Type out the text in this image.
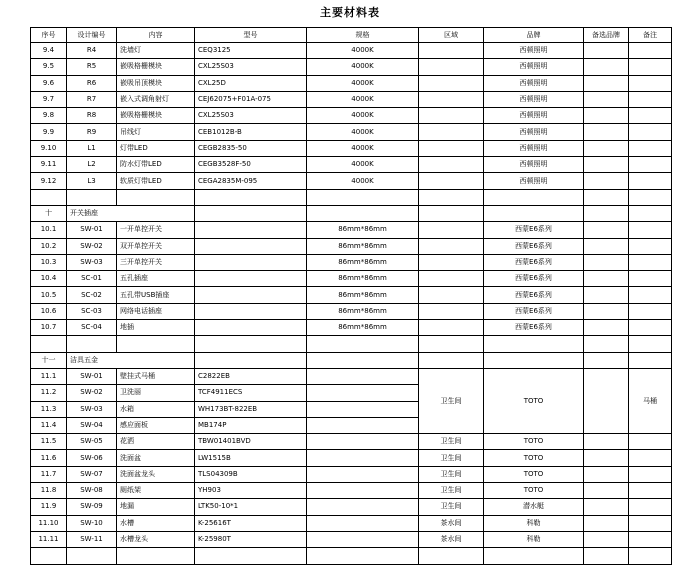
主要材料表
序号	设计编号	内容	型号	规格	区域	品牌	备选品牌	备注
9.4	R4	洗墙灯	CEQ3125	4000K		西顿照明		
9.5	R5	嵌吸格栅模块	CXL25S03	4000K		西顿照明		
9.6	R6	嵌吸吊顶模块	CXL25D	4000K		西顿照明		
9.7	R7	嵌入式调角射灯	CEJ62075+F01A-075	4000K		西顿照明		
9.8	R8	嵌吸格栅模块	CXL25S03	4000K		西顿照明		
9.9	R9	吊线灯	CEB1012B-B	4000K		西顿照明		
9.10	L1	灯带LED	CEGB2835-50	4000K		西顿照明		
9.11	L2	防水灯带LED	CEGB3528F-50	4000K		西顿照明		
9.12	L3	软质灯带LED	CEGA2835M-095	4000K		西顿照明		

十	开关插座							
10.1	SW-01	一开单控开关		86mm*86mm		西蒙E6系列		
10.2	SW-02	双开单控开关		86mm*86mm		西蒙E6系列		
10.3	SW-03	三开单控开关		86mm*86mm		西蒙E6系列		
10.4	SC-01	五孔插座		86mm*86mm		西蒙E6系列		
10.5	SC-02	五孔带USB插座		86mm*86mm		西蒙E6系列		
10.6	SC-03	网络电话插座		86mm*86mm		西蒙E6系列		
10.7	SC-04	地插		86mm*86mm		西蒙E6系列		

十一	洁具五金							
11.1	SW-01	壁挂式马桶	C2822EB		卫生间	TOTO		马桶
11.2	SW-02	卫洗丽	TCF4911ECS					
11.3	SW-03	水箱	WH173BT-822EB					
11.4	SW-04	感应面板	MB174P					
11.5	SW-05	花洒	TBW01401BVD		卫生间	TOTO		
11.6	SW-06	洗面盆	LW1515B		卫生间	TOTO		
11.7	SW-07	洗面盆龙头	TLS04309B		卫生间	TOTO		
11.8	SW-08	厕纸架	YH903		卫生间	TOTO		
11.9	SW-09	地漏	LTK50-10*1		卫生间	潜水艇		
11.10	SW-10	水槽	K-25616T		茶水间	科勒		
11.11	SW-11	水槽龙头	K-25980T		茶水间	科勒		
